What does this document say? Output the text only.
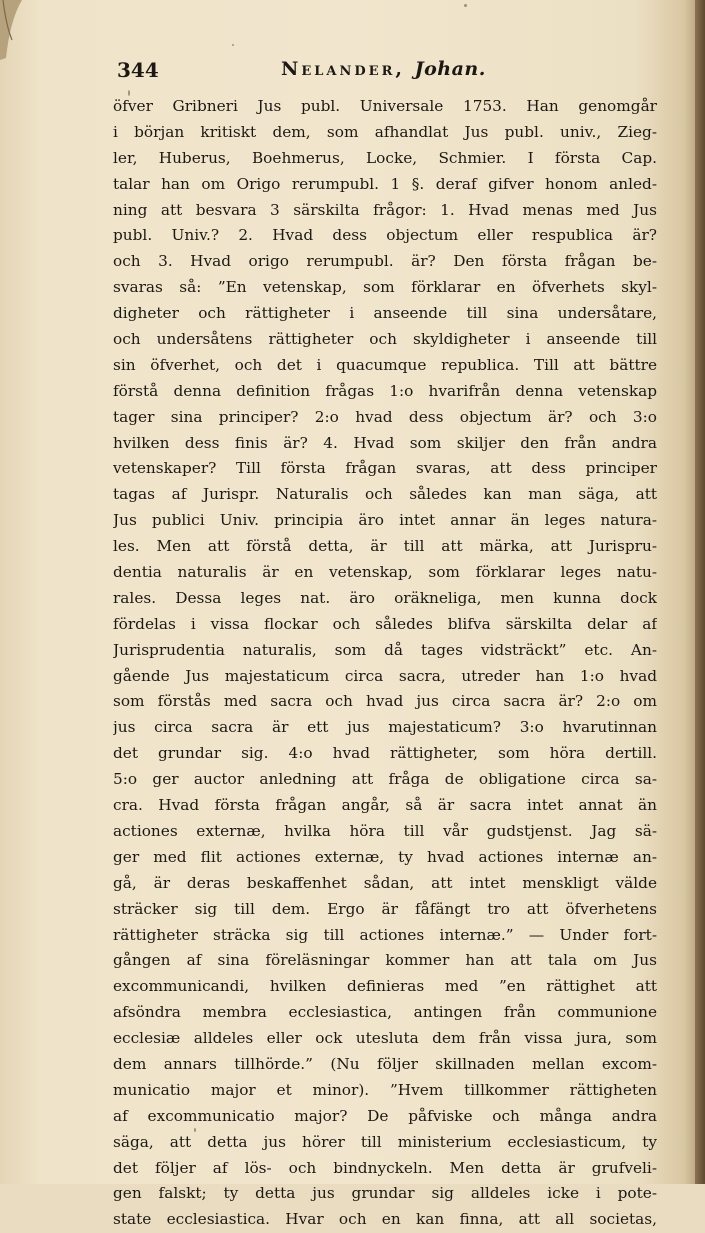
344	Nelander, Johan.
öfver Gribneri Jus publ. Universale 1753. Han genomgår
i början kritiskt dem, som afhandlat Jus publ. univ., Zieg-
ler, Huberus, Boehmerus, Locke, Schmier. I första Cap.
talar han om Origo rerumpubl. 1 §. deraf gifver honom anled-
ning att besvara 3 särskilta frågor: 1. Hvad menas med Jus
publ. Univ.? 2. Hvad dess objectum eller respublica är?
och 3. Hvad origo rerumpubl. är? Den första frågan be-
svaras så: ”En vetenskap, som förklarar en öfverhets skyl-
digheter och rättigheter i anseende till sina undersåtare,
och undersåtens rättigheter och skyldigheter i anseende till
sin öfverhet, och det i quacumque republica. Till att bättre
förstå denna definition frågas 1:o hvarifrån denna vetenskap
tager sina principer? 2:o hvad dess objectum är? och 3:o
hvilken dess finis är? 4. Hvad som skiljer den från andra
vetenskaper? Till första frågan svaras, att dess principer
tagas af Jurispr. Naturalis och således kan man säga, att
Jus publici Univ. principia äro intet annar än leges natura-
les. Men att förstå detta, är till att märka, att Jurispru-
dentia naturalis är en vetenskap, som förklarar leges natu-
rales. Dessa leges nat. äro oräkneliga, men kunna dock
fördelas i vissa flockar och således blifva särskilta delar af
Jurisprudentia naturalis, som då tages vidsträckt” etc. An-
gående Jus majestaticum circa sacra, utreder han 1:o hvad
som förstås med sacra och hvad jus circa sacra är? 2:o om
jus circa sacra är ett jus majestaticum? 3:o hvarutinnan
det grundar sig. 4:o hvad rättigheter, som höra dertill.
5:o ger auctor anledning att fråga de obligatione circa sa-
cra. Hvad första frågan angår, så är sacra intet annat än
actiones externæ, hvilka höra till vår gudstjenst. Jag sä-
ger med flit actiones externæ, ty hvad actiones internæ an-
gå, är deras beskaffenhet sådan, att intet menskligt välde
sträcker sig till dem. Ergo är fåfängt tro att öfverhetens
rättigheter sträcka sig till actiones internæ.” — Under fort-
gången af sina föreläsningar kommer han att tala om Jus
excommunicandi, hvilken definieras med ”en rättighet att
afsöndra membra ecclesiastica, antingen från communione
ecclesiæ alldeles eller ock utesluta dem från vissa jura, som
dem annars tillhörde.” (Nu följer skillnaden mellan excom-
municatio major et minor). ”Hvem tillkommer rättigheten
af excommunicatio major? De påfviske och många andra
säga, att detta jus hörer till ministerium ecclesiasticum, ty
det följer af lös- och bindnyckeln. Men detta är grufveli-
gen falskt; ty detta jus grundar sig alldeles icke i pote-
state ecclesiastica. Hvar och en kan finna, att all societas,
